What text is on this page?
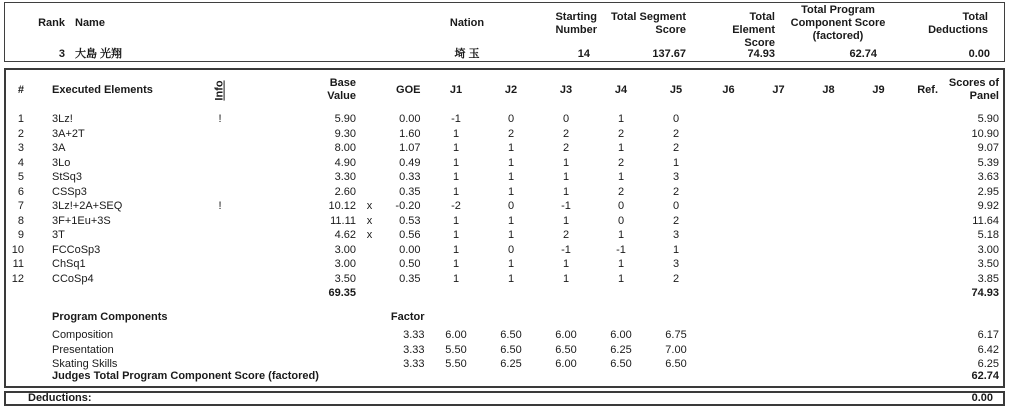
Rank Name	Nation	Starting Number
Total Segment Score
Total Element Score
Total Program Component Score (factored)
Total Deductions
3 大島 光翔	埼 玉	14	137.67	74.93	62.74	0.00
#	Executed Elements	Info	Base Value
GOE	J1	J2	J3	J4	J5	J6	J7	J8	J9	Ref.
Scores of Panel
1	3Lz!	!	5.90	0.00	-1	0	0	1	0	5.90
2	3A+2T	9.30	1.60	1	2	2	2	2	10.90
3	3A	8.00	1.07	1	1	2	1	2	9.07
4	3Lo	4.90	0.49	1	1	1	2	1	5.39
5	StSq3	3.30	0.33	1	1	1	1	3	3.63
6	CSSp3	2.60	0.35	1	1	1	2	2	2.95
7	3Lz!+2A+SEQ	!	10.12 x	-0.20	-2	0	-1	0	0	9.92
8	3F+1Eu+3S	11.11 x	0.53	1	1	1	0	2	11.64
9	3T	4.62 x	0.56	1	1	2	1	3	5.18
10	FCCoSp3	3.00	0.00	1	0	-1	-1	1	3.00
11	ChSq1	3.00	0.50	1	1	1	1	3	3.50
12	CCoSp4	3.50	0.35	1	1	1	1	2	3.85
69.35	74.93
Program Components	Factor
Composition	3.33	6.00	6.50	6.00	6.00	6.75	6.17
Presentation	3.33	5.50	6.50	6.50	6.25	7.00	6.42
Skating Skills	3.33	5.50	6.25	6.00	6.50	6.50	6.25
Judges Total Program Component Score (factored)	62.74
Deductions:	0.00
